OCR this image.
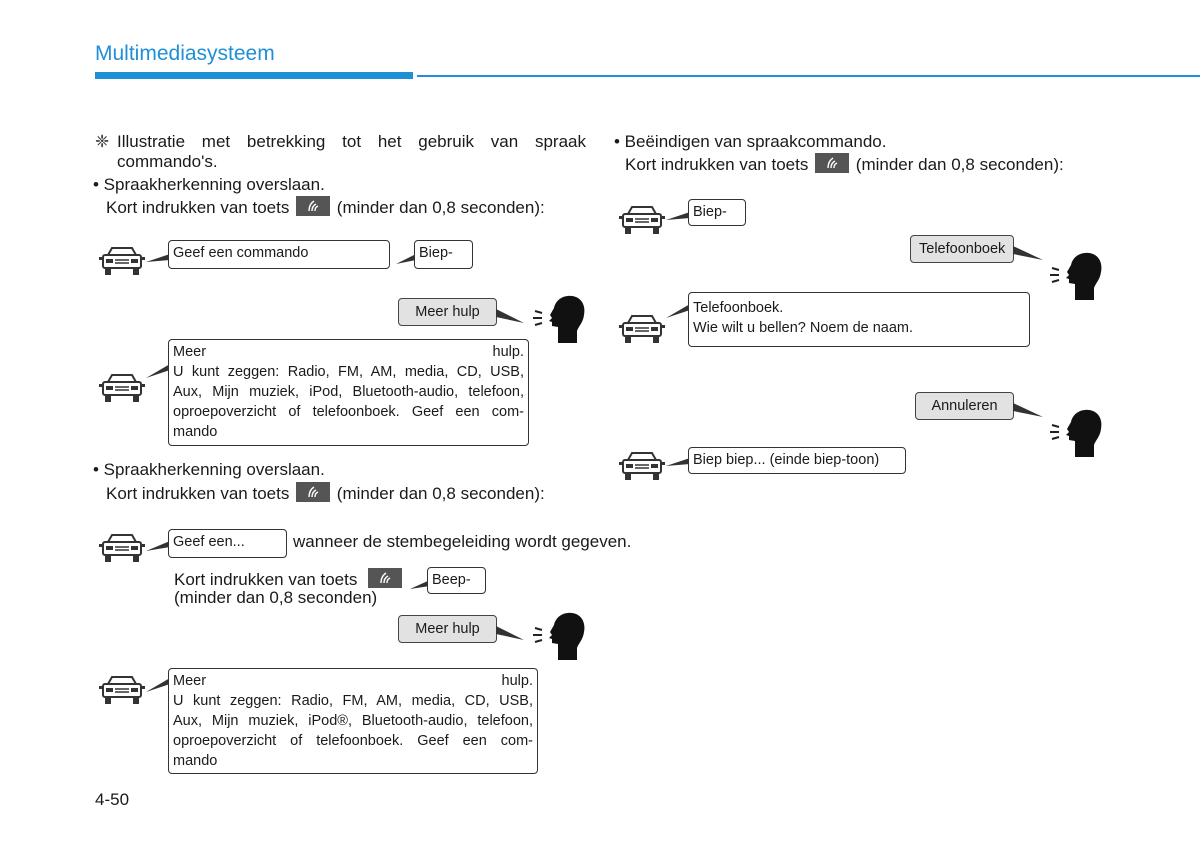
Multimediasysteem
❈ Illustratie met betrekking tot het gebruik van spraak
commando's.
• Spraakherkenning overslaan.
Kort indrukken van toets	(minder dan 0,8 seconden):
Geef een commando	Biep-
Meer hulp
Meer hulp.
U kunt zeggen: Radio, FM, AM, media, CD, USB,
Aux, Mijn muziek, iPod, Bluetooth-audio, telefoon,
oproepoverzicht of telefoonboek. Geef een com-
mando
• Spraakherkenning overslaan.
Kort indrukken van toets	(minder dan 0,8 seconden):
Geef een...	wanneer de stembegeleiding wordt gegeven.
Kort indrukken van toets
(minder dan 0,8 seconden)
Beep-
Meer hulp
Meer hulp.
U kunt zeggen: Radio, FM, AM, media, CD, USB,
Aux, Mijn muziek, iPod®, Bluetooth-audio, telefoon,
oproepoverzicht of telefoonboek. Geef een com-
mando
4-50
• Beëindigen van spraakcommando.
Kort indrukken van toets	(minder dan 0,8 seconden):
Biep-
Telefoonboek
Telefoonboek.
Wie wilt u bellen? Noem de naam.
Annuleren
Biep biep... (einde biep-toon)
